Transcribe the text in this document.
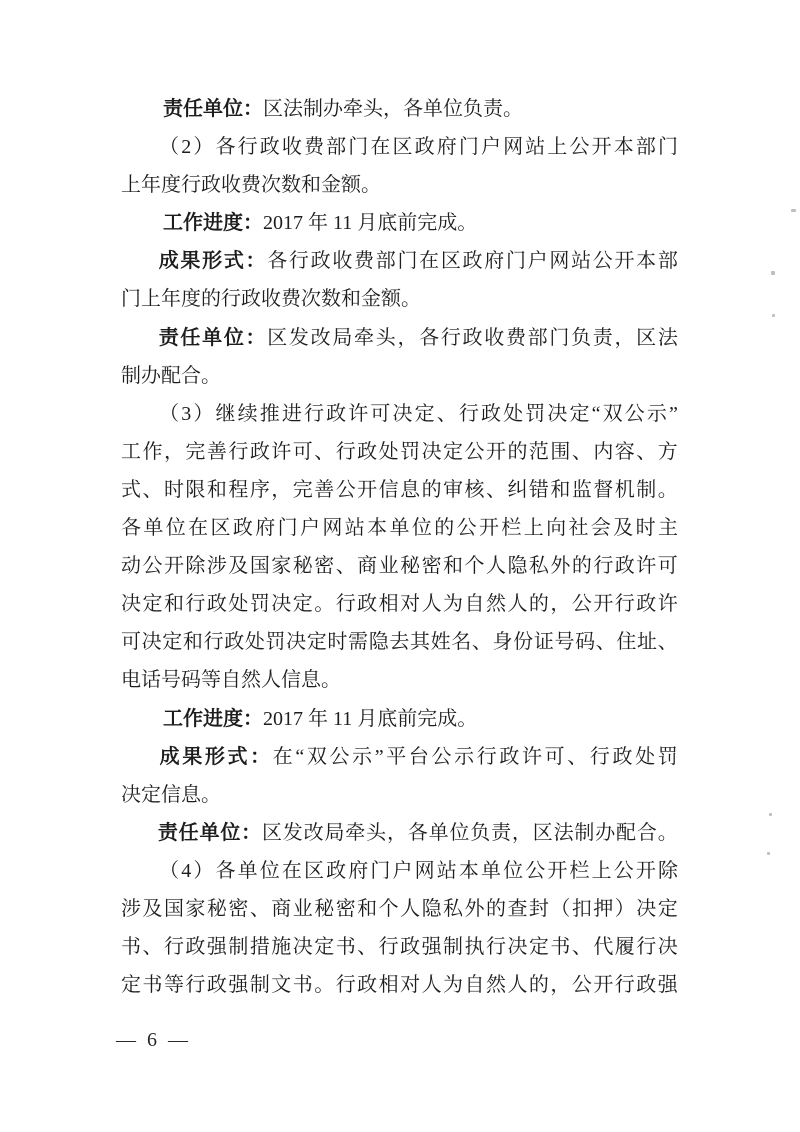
责任单位：区法制办牵头，各单位负责。
（ 2 ） 各 行 政 收 费 部 门 在 区 政 府 门 户 网 站 上 公 开 本 部 门
上年度行政收费次数和金额。
工作进度：2017 年 11 月底前完成。
成 果 形 式 ： 各 行 政 收 费 部 门 在 区 政 府 门 户 网 站 公 开 本 部
门上年度的行政收费次数和金额。
责 任 单 位 ： 区 发 改 局 牵 头 ， 各 行 政 收 费 部 门 负 责 ， 区 法
制办配合。
（ 3 ） 继 续 推 进 行 政 许 可 决 定 、 行 政 处 罚 决 定 “ 双 公 示 ”
工 作 ， 完 善 行 政 许 可 、 行 政 处 罚 决 定 公 开 的 范 围 、 内 容 、 方
式 、 时 限 和 程 序 ， 完 善 公 开 信 息 的 审 核 、 纠 错 和 监 督 机 制 。
各 单 位 在 区 政 府 门 户 网 站 本 单 位 的 公 开 栏 上 向 社 会 及 时 主
动 公 开 除 涉 及 国 家 秘 密 、 商 业 秘 密 和 个 人 隐 私 外 的 行 政 许 可
决 定 和 行 政 处 罚 决 定 。 行 政 相 对 人 为 自 然 人 的 ， 公 开 行 政 许
可 决 定 和 行 政 处 罚 决 定 时 需 隐 去 其 姓 名 、 身 份 证 号 码 、 住 址 、
电话号码等自然人信息。
工作进度：2017 年 11 月底前完成。
成 果 形 式 ： 在 “ 双 公 示 ” 平 台 公 示 行 政 许 可 、 行 政 处 罚
决定信息。
责 任 单 位 ： 区 发 改 局 牵 头 ， 各 单 位 负 责 ， 区 法 制 办 配 合 。
（ 4 ） 各 单 位 在 区 政 府 门 户 网 站 本 单 位 公 开 栏 上 公 开 除
涉 及 国 家 秘 密 、 商 业 秘 密 和 个 人 隐 私 外 的 查 封 （ 扣 押 ） 决 定
书 、 行 政 强 制 措 施 决 定 书 、 行 政 强 制 执 行 决 定 书 、 代 履 行 决
定 书 等 行 政 强 制 文 书 。 行 政 相 对 人 为 自 然 人 的 ， 公 开 行 政 强
— 6 —
